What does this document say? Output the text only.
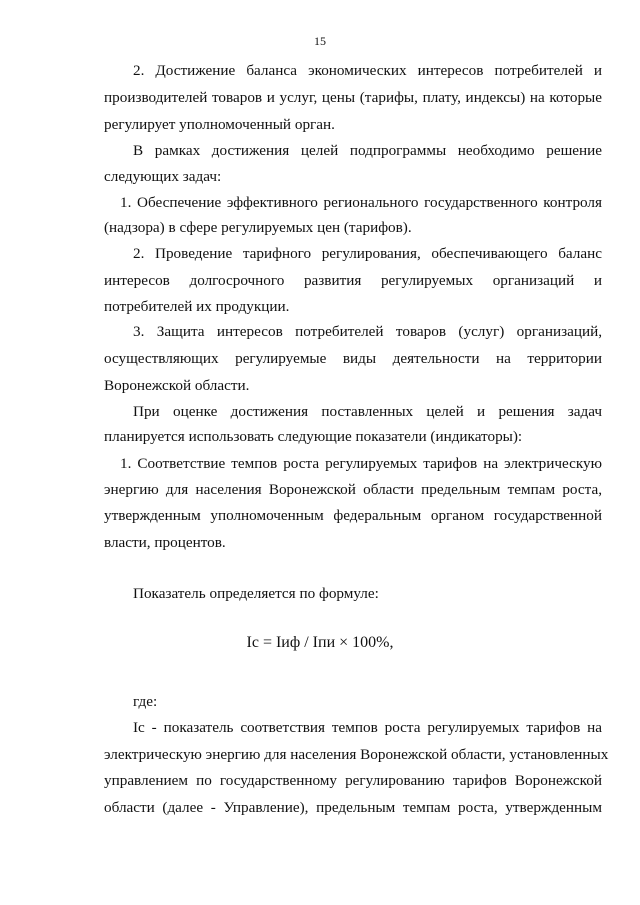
15
2. Достижение баланса экономических интересов потребителей и
производителей товаров и услуг, цены (тарифы, плату, индексы) на которые
регулирует уполномоченный орган.
В рамках достижения целей подпрограммы необходимо решение
следующих задач:
1. Обеспечение эффективного регионального государственного контроля
(надзора) в сфере регулируемых цен (тарифов).
2. Проведение тарифного регулирования, обеспечивающего баланс
интересов долгосрочного развития регулируемых организаций и
потребителей их продукции.
3. Защита интересов потребителей товаров (услуг) организаций,
осуществляющих регулируемые виды деятельности на территории
Воронежской области.
При оценке достижения поставленных целей и решения задач
планируется использовать следующие показатели (индикаторы):
1. Соответствие темпов роста регулируемых тарифов на электрическую
энергию для населения Воронежской области предельным темпам роста,
утвержденным уполномоченным федеральным органом государственной
власти, процентов.
Показатель определяется по формуле:
Ic = Iиф / Iпи × 100%,
где:
Ic - показатель соответствия темпов роста регулируемых тарифов на
электрическую энергию для населения Воронежской области, установленных
управлением по государственному регулированию тарифов Воронежской
области (далее - Управление), предельным темпам роста, утвержденным
